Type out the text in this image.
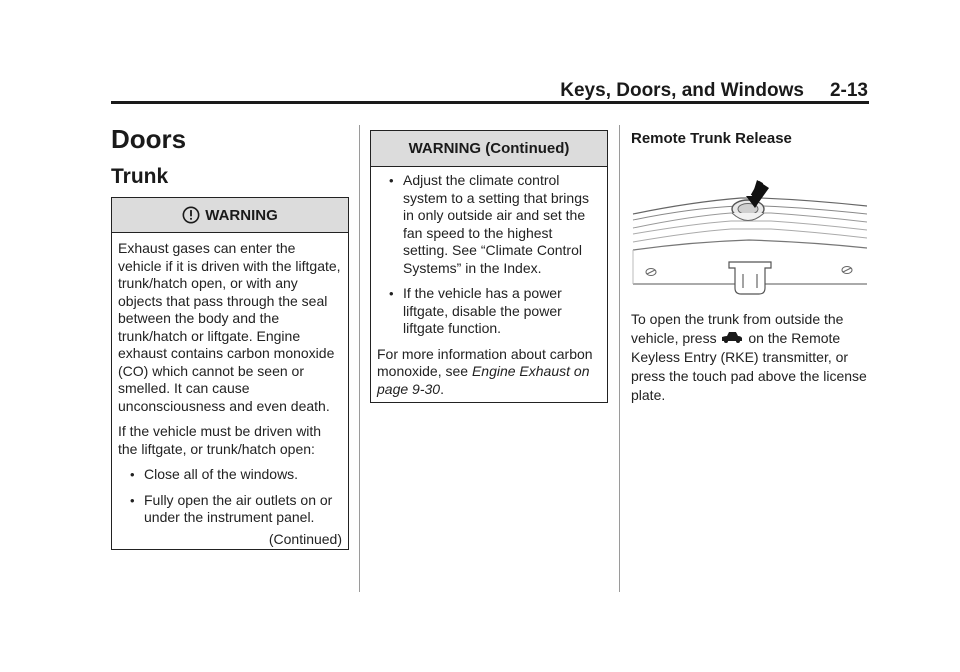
Keys, Doors, and Windows 2-13
Doors
Trunk
WARNING

Exhaust gases can enter the vehicle if it is driven with the liftgate, trunk/hatch open, or with any objects that pass through the seal between the body and the trunk/hatch or liftgate. Engine exhaust contains carbon monoxide (CO) which cannot be seen or smelled. It can cause unconsciousness and even death.

If the vehicle must be driven with the liftgate, or trunk/hatch open:

• Close all of the windows.
• Fully open the air outlets on or under the instrument panel.
(Continued)
WARNING (Continued)
• Adjust the climate control system to a setting that brings in only outside air and set the fan speed to the highest setting. See “Climate Control Systems” in the Index.
• If the vehicle has a power liftgate, disable the power liftgate function.

For more information about carbon monoxide, see Engine Exhaust on page 9-30.

Remote Trunk Release

To open the trunk from outside the vehicle, press  on the Remote Keyless Entry (RKE) transmitter, or press the touch pad above the license plate.
